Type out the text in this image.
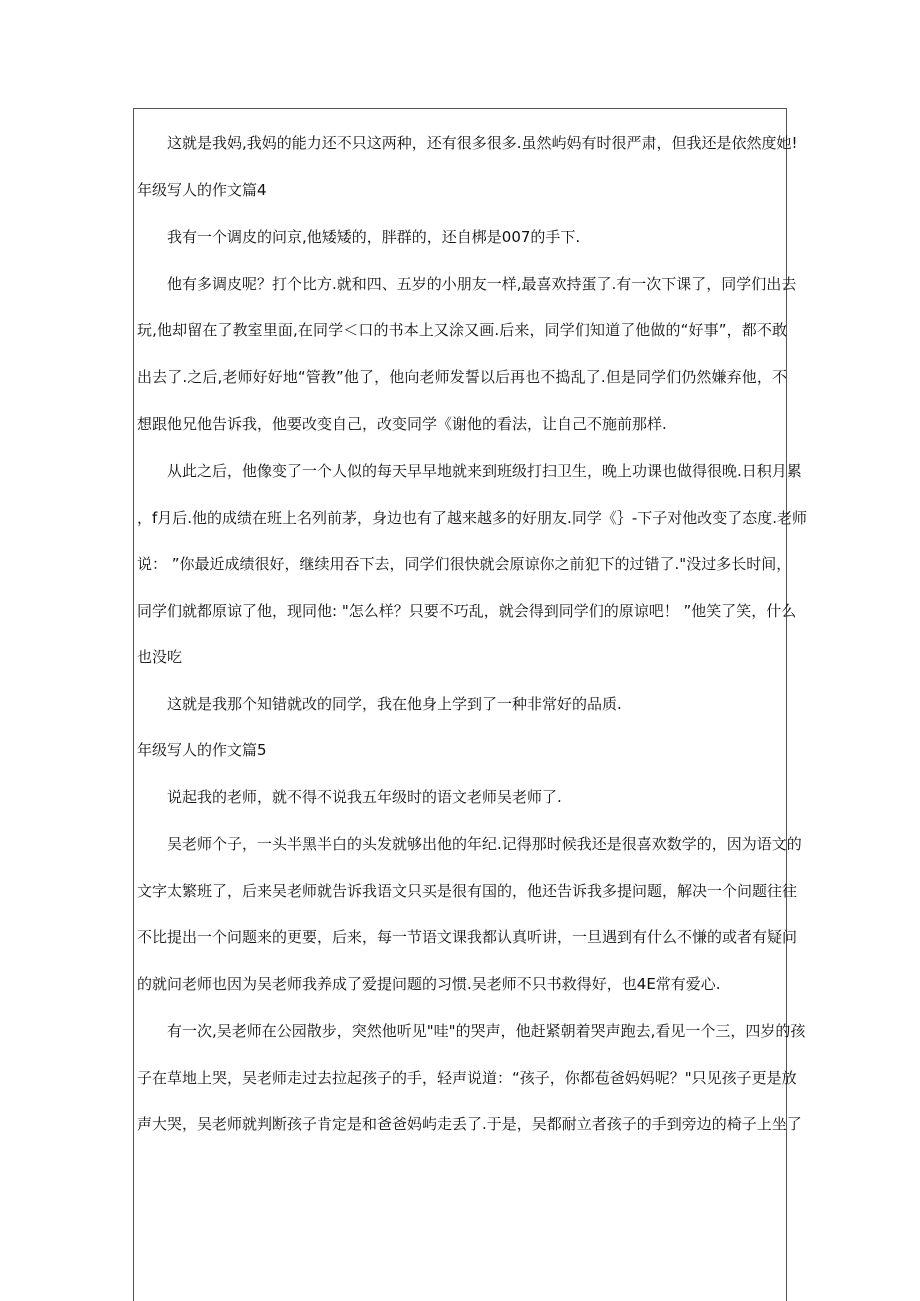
这就是我妈,我妈的能力还不只这两种，还有很多很多.虽然屿妈有时很严肃，但我还是依然度她!
年级写人的作文篇4
我有一个调皮的问京,他矮矮的，胖群的，还自梆是007的手下.
他有多调皮呢？打个比方.就和四、五岁的小朋友一样,最喜欢持蛋了.有一次下课了，同学们出去
玩,他却留在了教室里面,在同学＜口的书本上又涂又画.后来，同学们知道了他做的“好事”，都不敢
出去了.之后,老师好好地“管教”他了，他向老师发誓以后再也不捣乱了.但是同学们仍然嫌弃他，不
想跟他兄他告诉我，他要改变自己，改变同学《谢他的看法，让自己不施前那样.
从此之后，他像变了一个人似的每天早早地就来到班级打扫卫生，晚上功课也做得很晚.日积月累
，f月后.他的成绩在班上名列前茅，身边也有了越来越多的好朋友.同学《｝-下子对他改变了态度.老师
说： ”你最近成绩很好，继续用吞下去，同学们很快就会原谅你之前犯下的过错了."没过多长时间，
同学们就都原谅了他，现同他: "怎么样？只要不巧乱，就会得到同学们的原谅吧！ ”他笑了笑，什么
也没吃
这就是我那个知错就改的同学，我在他身上学到了一种非常好的品质.
年级写人的作文篇5
说起我的老师，就不得不说我五年级时的语文老师吴老师了.
吴老师个子，一头半黑半白的头发就够出他的年纪.记得那时候我还是很喜欢数学的，因为语文的
文字太繁班了，后来吴老师就告诉我语文只买是很有国的，他还告诉我多提问题，解决一个问题往往
不比提出一个问题来的更要，后来，每一节语文课我都认真听讲，一旦遇到有什么不慊的或者有疑问
的就问老师也因为吴老师我养成了爱提问题的习惯.吴老师不只书救得好，也4E常有爱心.
有一次,吴老师在公园散步，突然他听见"哇"的哭声，他赶紧朝着哭声跑去,看见一个三，四岁的孩
子在草地上哭，吴老师走过去拉起孩子的手，轻声说道：“孩子，你都苞爸妈妈呢？"只见孩子更是放
声大哭，吴老师就判断孩子肯定是和爸爸妈屿走丢了.于是，吴都耐立者孩子的手到旁边的椅子上坐了
